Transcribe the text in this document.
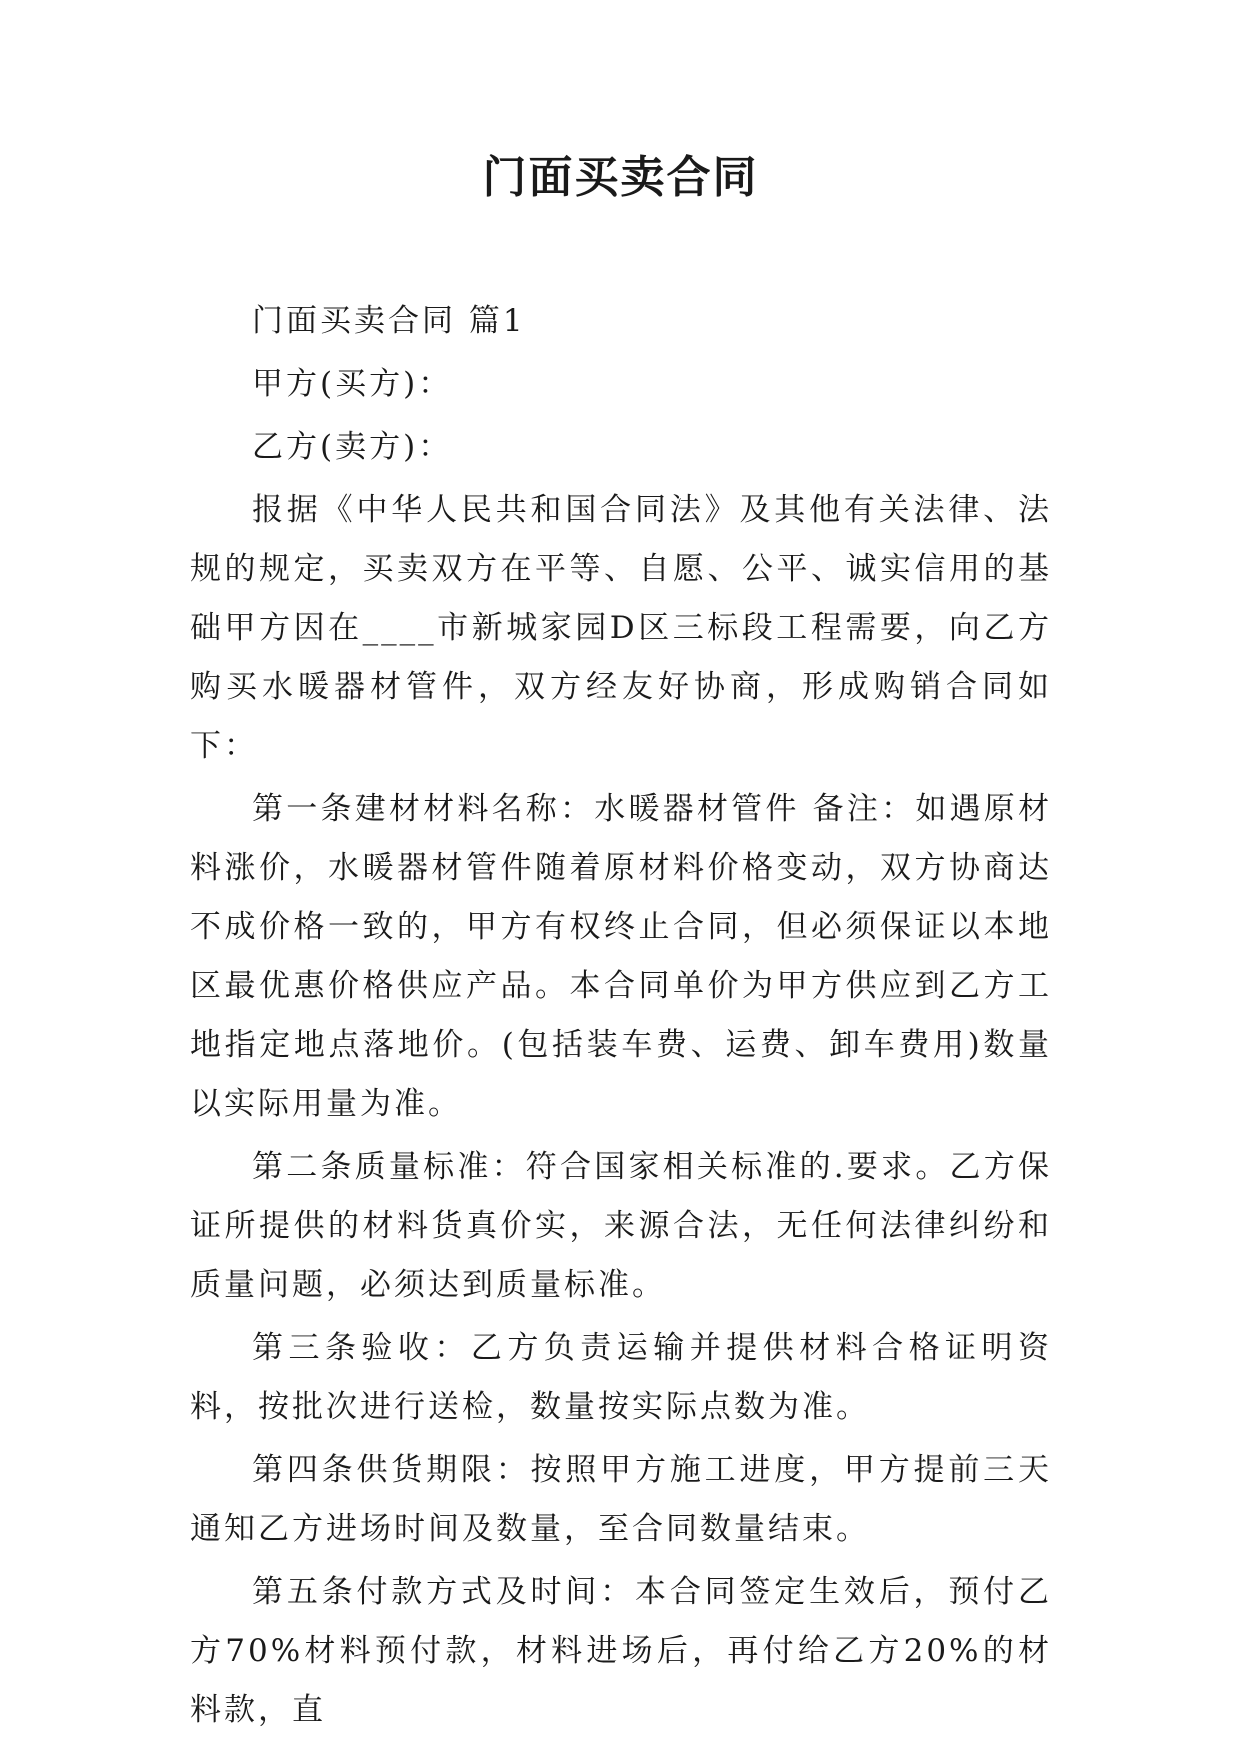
门面买卖合同

门面买卖合同 篇1

甲方(买方)：

乙方(卖方)：

报据《中华人民共和国合同法》及其他有关法律、法规的规定，买卖双方在平等、自愿、公平、诚实信用的基础甲方因在____市新城家园D区三标段工程需要，向乙方购买水暖器材管件，双方经友好协商，形成购销合同如下：

第一条建材材料名称：水暖器材管件 备注：如遇原材料涨价，水暖器材管件随着原材料价格变动，双方协商达不成价格一致的，甲方有权终止合同，但必须保证以本地区最优惠价格供应产品。本合同单价为甲方供应到乙方工地指定地点落地价。(包括装车费、运费、卸车费用)数量以实际用量为准。

第二条质量标准：符合国家相关标准的.要求。乙方保证所提供的材料货真价实，来源合法，无任何法律纠纷和质量问题，必须达到质量标准。

第三条验收：乙方负责运输并提供材料合格证明资料，按批次进行送检，数量按实际点数为准。

第四条供货期限：按照甲方施工进度，甲方提前三天通知乙方进场时间及数量，至合同数量结束。

第五条付款方式及时间：本合同签定生效后，预付乙方70%材料预付款，材料进场后，再付给乙方20%的材料款，直
